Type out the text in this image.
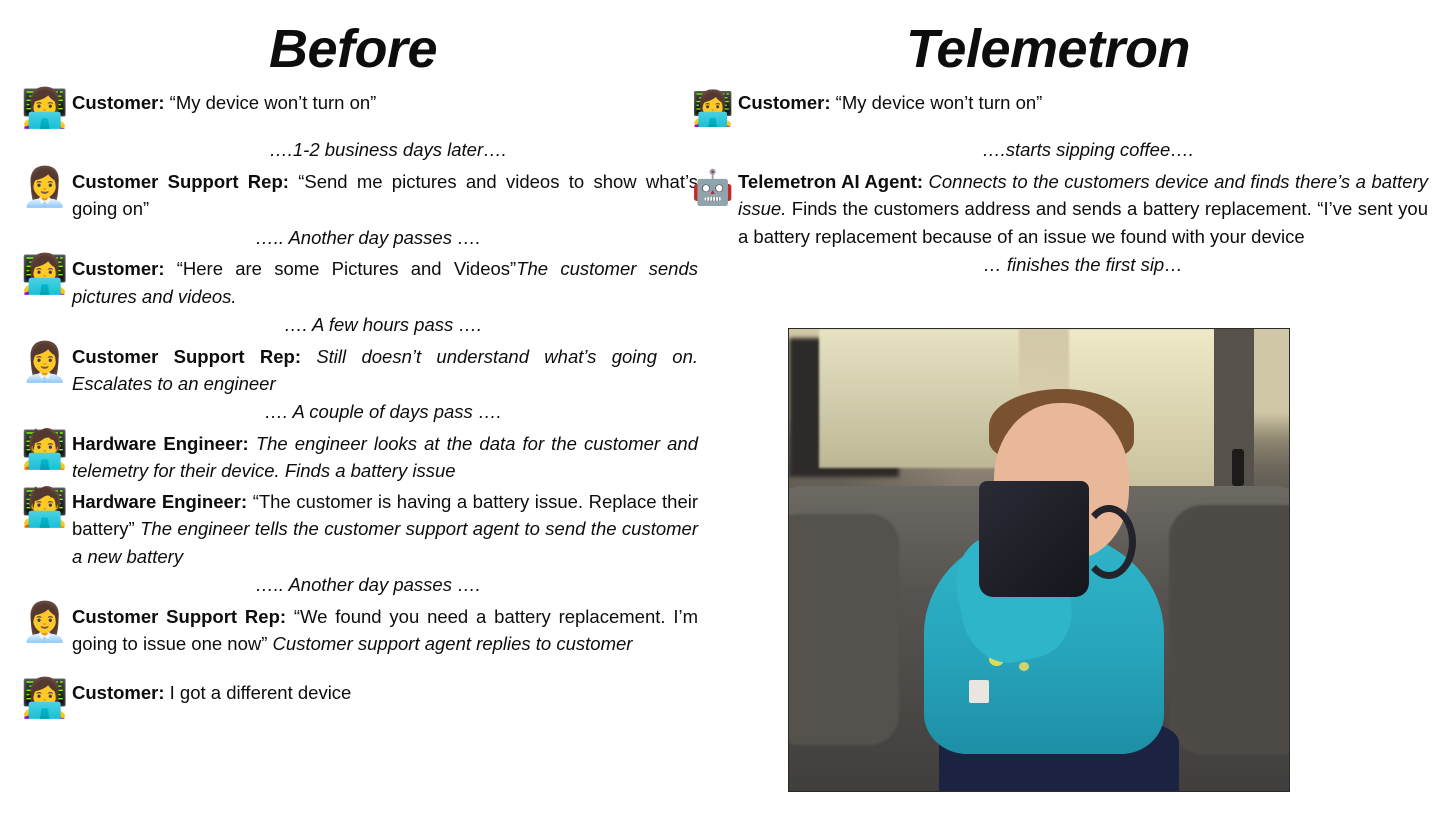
Before
👩‍💻 Customer: “My device won’t turn on”
….1-2 business days later….
👩‍💼 Customer Support Rep: “Send me pictures and videos to show what’s going on”
….. Another day passes ….
👩‍💻 Customer: “Here are some Pictures and Videos”The customer sends pictures and videos.
…. A few hours pass ….
👩‍💼 Customer Support Rep: Still doesn’t understand what’s going on. Escalates to an engineer
…. A couple of days pass ….
🧑‍💻 Hardware Engineer: The engineer looks at the data for the customer and telemetry for their device. Finds a battery issue
🧑‍💻 Hardware Engineer: “The customer is having a battery issue. Replace their battery” The engineer tells the customer support agent to send the customer a new battery
….. Another day passes ….
👩‍💼 Customer Support Rep: “We found you need a battery replacement. I’m going to issue one now” Customer support agent replies to customer
👩‍💻 Customer: I got a different device
Telemetron
👩‍💻 Customer: “My device won’t turn on”
….starts sipping coffee….
🤖 Telemetron AI Agent: Connects to the customers device and finds there’s a battery issue. Finds the customers address and sends a battery replacement. “I’ve sent you a battery replacement because of an issue we found with your device
… finishes the first sip…
